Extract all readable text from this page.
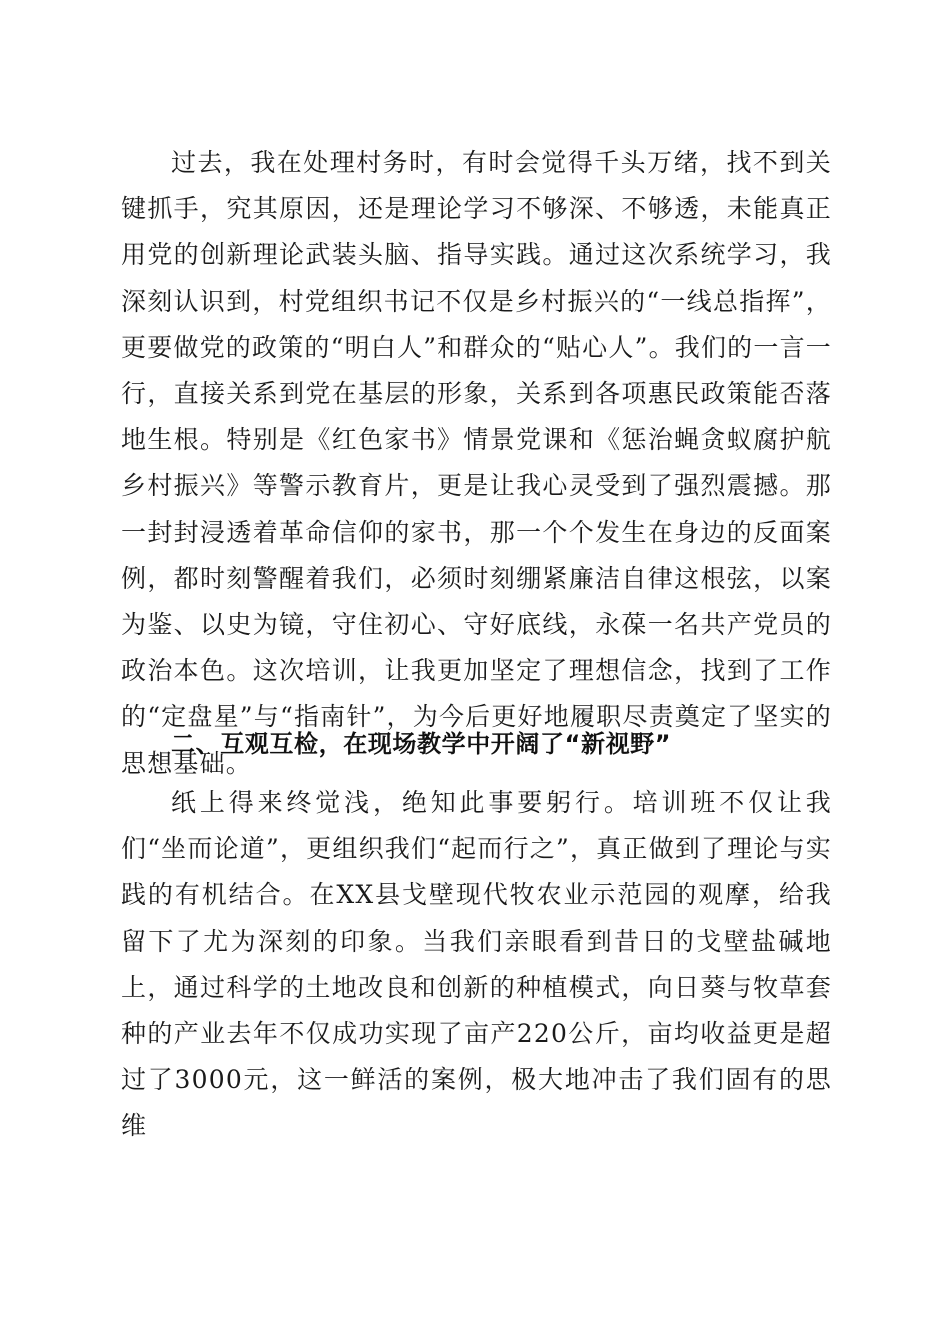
过去，我在处理村务时，有时会觉得千头万绪，找不到关键抓手，究其原因，还是理论学习不够深、不够透，未能真正用党的创新理论武装头脑、指导实践。通过这次系统学习，我深刻认识到，村党组织书记不仅是乡村振兴的“一线总指挥”，更要做党的政策的“明白人”和群众的“贴心人”。我们的一言一行，直接关系到党在基层的形象，关系到各项惠民政策能否落地生根。特别是《红色家书》情景党课和《惩治蝇贪蚁腐护航乡村振兴》等警示教育片，更是让我心灵受到了强烈震撼。那一封封浸透着革命信仰的家书，那一个个发生在身边的反面案例，都时刻警醒着我们，必须时刻绷紧廉洁自律这根弦，以案为鉴、以史为镜，守住初心、守好底线，永葆一名共产党员的政治本色。这次培训，让我更加坚定了理想信念，找到了工作的“定盘星”与“指南针”，为今后更好地履职尽责奠定了坚实的思想基础。

二、互观互检，在现场教学中开阔了“新视野”

纸上得来终觉浅，绝知此事要躬行。培训班不仅让我们“坐而论道”，更组织我们“起而行之”，真正做到了理论与实践的有机结合。在XX县戈壁现代牧农业示范园的观摩，给我留下了尤为深刻的印象。当我们亲眼看到昔日的戈壁盐碱地上，通过科学的土地改良和创新的种植模式，向日葵与牧草套种的产业去年不仅成功实现了亩产220公斤，亩均收益更是超过了3000元，这一鲜活的案例，极大地冲击了我们固有的思维
